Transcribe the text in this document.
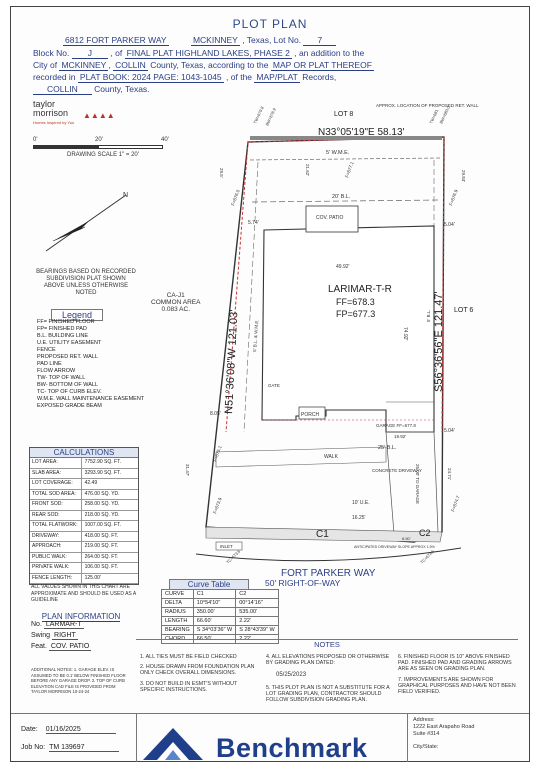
PLOT PLAN
6812 FORT PARKER WAY	MCKINNEY , Texas, Lot No. 7
Block No. J , of FINAL PLAT HIGHLAND LAKES, PHASE 2 , an addition to the
City of MCKINNEY , COLLIN County, Texas, according to the MAP OR PLAT THEREOF
recorded in PLAT BOOK: 2024 PAGE: 1043-1045 , of the MAP/PLAT Records,
COLLIN County, Texas.
taylor
morrison
Homes Inspired by You
▲▲▲▲
0'	20'	40'
DRAWING SCALE 1" = 20'
N
BEARINGS BASED ON RECORDED SUBDIVISION PLAT SHOWN ABOVE UNLESS OTHERWISE NOTED	CA-J1
COMMON AREA
0.083 AC.
Legend
FF= FINISHED FLOOR
FP= FINISHED PAD
B.L. BUILDING LINE
U.E. UTILITY EASEMENT
FENCE
PROPOSED RET. WALL
PAD LINE
FLOW ARROW
TW- TOP OF WALL
BW- BOTTOM OF WALL
TC- TOP OF CURB ELEV.
W.M.E. WALL MAINTENANCE EASEMENT
EXPOSED GRADE BEAM
CALCULATIONS
LOT AREA:	7752.90 SQ. FT.
SLAB AREA:	3293.90 SQ. FT.
LOT COVERAGE:	42.49
TOTAL SOD AREA:	476.00 SQ. YD.
FRONT SOD:	258.00 SQ. YD.
REAR SOD:	218.00 SQ. YD.
TOTAL FLATWORK:	1007.00 SQ. FT.
DRIVEWAY:	418.00 SQ. FT.
APPROACH:	219.00 SQ. FT.
PUBLIC WALK:	264.00 SQ. FT.
PRIVATE WALK:	106.00 SQ. FT.
FENCE LENGTH:	125.00'
ALL VALUES SHOWN IN THIS CHART ARE APPROXIMATE AND SHOULD BE USED AS A GUIDELINE
PLAN INFORMATION
No. LARMAR-T
Swing RIGHT
Feat. COV. PATIO
ADDITIONAL NOTES: 1. GARAGE ELEV. IS ASSUMED TO BE 0.1' BELOW FINISHED FLOOR BEFORE ANY GARAGE DROP. 2. TOP OF CURB ELEVATION CAD FILE IS PROVIDED FROM TAYLOR MORRISON 10-24-24
Curve Table
CURVE	C1	C2
DELTA	10°54'10"	00°14'16"
RADIUS	350.00'	535.00'
LENGTH	66.60'	2.22'
BEARING	S 34°03'36" W	S 28°43'39" W
CHORD	66.50'	2.22'
NOTES
1. ALL TIES MUST BE FIELD CHECKED
2. HOUSE DRAWN FROM FOUNDATION PLAN ONLY CHECK OVERALL DIMENSIONS.
3. DO NOT BUILD IN ESMT'S WITHOUT SPECIFIC INSTRUCTIONS.
4. ALL ELEVATIONS PROPOSED OR OTHERWISE BY GRADING PLAN DATED:
05/25/2023
5. THIS PLOT PLAN IS NOT A SUBSTITUTE FOR A LOT GRADING PLAN, CONTRACTOR SHOULD FOLLOW SUBDIVISION GRADING PLAN.
6. FINISHED FLOOR IS 10" ABOVE FINISHED PAD. FINISHED PAD AND GRADING ARROWS ARE AS SEEN ON GRADING PLAN.
7. IMPROVEMENTS ARE SHOWN FOR GRAPHICAL PURPOSES AND HAVE NOT BEEN FIELD VERIFIED.
Date: 01/16/2025
Job No: TM 139697
Address:
1222 East Arapaho Road
Suite #314
City/State:
Benchmark
N33°05'19"E 58.13'
APPROX. LOCATION OF PROPOSED RET. WALL
LOT 8
LOT 6
5' W.M.E.
20' B.L.
COV. PATIO
LARIMAR-T-R
FF=678.3
FP=677.3
PORCH
GARAGE FF=677.8
25' B.L.
WALK
CONCRETE DRIVEWAY
GATE
INLET
49.92'
74.92'
19.92'
10' U.E.
5.74'	5.04'
8.05'
5.04'
29.5'	21.62'	29.84'
31.47'	24.71'
25.00' TO GARAGE
16.25'
8.50'
C1	C2
FORT PARKER WAY
ANTICIPATED DRIVEWAY SLOPE APPROX 1.5%
TW=679.8 BW=678.9	TW=681 BW=680.0
F=676.0	F=676.9
F=677.1
F=675.1
F=673.9	F=674.7
TC=673.6	TC=674.5
N51°36'08"W 121.03'	S56°36'56"E 121.47'
5' B.L. & W.M.E.
5' B.L.
50' RIGHT-OF-WAY
